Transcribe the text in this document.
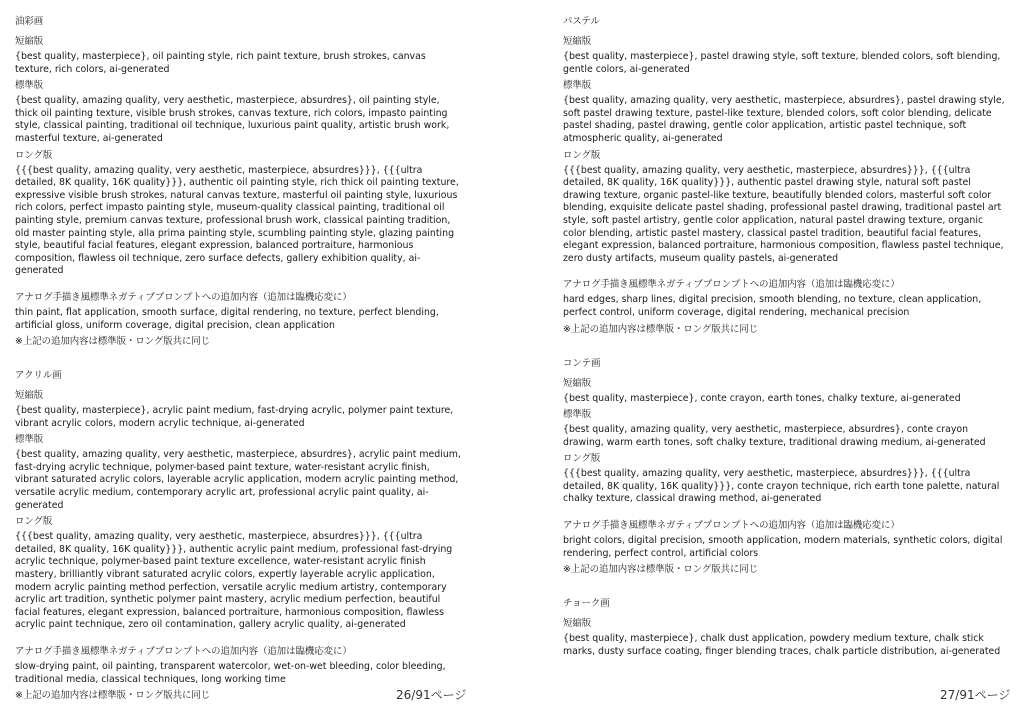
油彩画
短縮版
{best quality, masterpiece}, oil painting style, rich paint texture, brush strokes, canvas texture, rich colors, ai-generated
標準版
{best quality, amazing quality, very aesthetic, masterpiece, absurdres}, oil painting style, thick oil painting texture, visible brush strokes, canvas texture, rich colors, impasto painting style, classical painting, traditional oil technique, luxurious paint quality, artistic brush work, masterful texture, ai-generated
ロング版
{{{best quality, amazing quality, very aesthetic, masterpiece, absurdres}}}, {{{ultra detailed, 8K quality, 16K quality}}}, authentic oil painting style, rich thick oil painting texture, expressive visible brush strokes, natural canvas texture, masterful oil painting style, luxurious rich colors, perfect impasto painting style, museum-quality classical painting, traditional oil painting style, premium canvas texture, professional brush work, classical painting tradition, old master painting style, alla prima painting style, scumbling painting style, glazing painting style, beautiful facial features, elegant expression, balanced portraiture, harmonious composition, flawless oil technique, zero surface defects, gallery exhibition quality, ai-generated
アナログ手描き風標準ネガティブプロンプトへの追加内容（追加は臨機応変に）
thin paint, flat application, smooth surface, digital rendering, no texture, perfect blending, artificial gloss, uniform coverage, digital precision, clean application
※上記の追加内容は標準版・ロング版共に同じ
アクリル画
短縮版
{best quality, masterpiece}, acrylic paint medium, fast-drying acrylic, polymer paint texture, vibrant acrylic colors, modern acrylic technique, ai-generated
標準版
{best quality, amazing quality, very aesthetic, masterpiece, absurdres}, acrylic paint medium, fast-drying acrylic technique, polymer-based paint texture, water-resistant acrylic finish, vibrant saturated acrylic colors, layerable acrylic application, modern acrylic painting method, versatile acrylic medium, contemporary acrylic art, professional acrylic paint quality, ai-generated
ロング版
{{{best quality, amazing quality, very aesthetic, masterpiece, absurdres}}}, {{{ultra detailed, 8K quality, 16K quality}}}, authentic acrylic paint medium, professional fast-drying acrylic technique, polymer-based paint texture excellence, water-resistant acrylic finish mastery, brilliantly vibrant saturated acrylic colors, expertly layerable acrylic application, modern acrylic painting method perfection, versatile acrylic medium artistry, contemporary acrylic art tradition, synthetic polymer paint mastery, acrylic medium perfection, beautiful facial features, elegant expression, balanced portraiture, harmonious composition, flawless acrylic paint technique, zero oil contamination, gallery acrylic quality, ai-generated
アナログ手描き風標準ネガティブプロンプトへの追加内容（追加は臨機応変に）
slow-drying paint, oil painting, transparent watercolor, wet-on-wet bleeding, color bleeding, traditional media, classical techniques, long working time
※上記の追加内容は標準版・ロング版共に同じ
パステル
短縮版
{best quality, masterpiece}, pastel drawing style, soft texture, blended colors, soft blending, gentle colors, ai-generated
標準版
{best quality, amazing quality, very aesthetic, masterpiece, absurdres}, pastel drawing style, soft pastel drawing texture, pastel-like texture, blended colors, soft color blending, delicate pastel shading, pastel drawing, gentle color application, artistic pastel technique, soft atmospheric quality, ai-generated
ロング版
{{{best quality, amazing quality, very aesthetic, masterpiece, absurdres}}}, {{{ultra detailed, 8K quality, 16K quality}}}, authentic pastel drawing style, natural soft pastel drawing texture, organic pastel-like texture, beautifully blended colors, masterful soft color blending, exquisite delicate pastel shading, professional pastel drawing, traditional pastel art style, soft pastel artistry, gentle color application, natural pastel drawing texture, organic color blending, artistic pastel mastery, classical pastel tradition, beautiful facial features, elegant expression, balanced portraiture, harmonious composition, flawless pastel technique, zero dusty artifacts, museum quality pastels, ai-generated
アナログ手描き風標準ネガティブプロンプトへの追加内容（追加は臨機応変に）
hard edges, sharp lines, digital precision, smooth blending, no texture, clean application, perfect control, uniform coverage, digital rendering, mechanical precision
※上記の追加内容は標準版・ロング版共に同じ
コンテ画
短縮版
{best quality, masterpiece}, conte crayon, earth tones, chalky texture, ai-generated
標準版
{best quality, amazing quality, very aesthetic, masterpiece, absurdres}, conte crayon drawing, warm earth tones, soft chalky texture, traditional drawing medium, ai-generated
ロング版
{{{best quality, amazing quality, very aesthetic, masterpiece, absurdres}}}, {{{ultra detailed, 8K quality, 16K quality}}}, conte crayon technique, rich earth tone palette, natural chalky texture, classical drawing method, ai-generated
アナログ手描き風標準ネガティブプロンプトへの追加内容（追加は臨機応変に）
bright colors, digital precision, smooth application, modern materials, synthetic colors, digital rendering, perfect control, artificial colors
※上記の追加内容は標準版・ロング版共に同じ
チョーク画
短縮版
{best quality, masterpiece}, chalk dust application, powdery medium texture, chalk stick marks, dusty surface coating, finger blending traces, chalk particle distribution, ai-generated
26/91ページ	27/91ページ
